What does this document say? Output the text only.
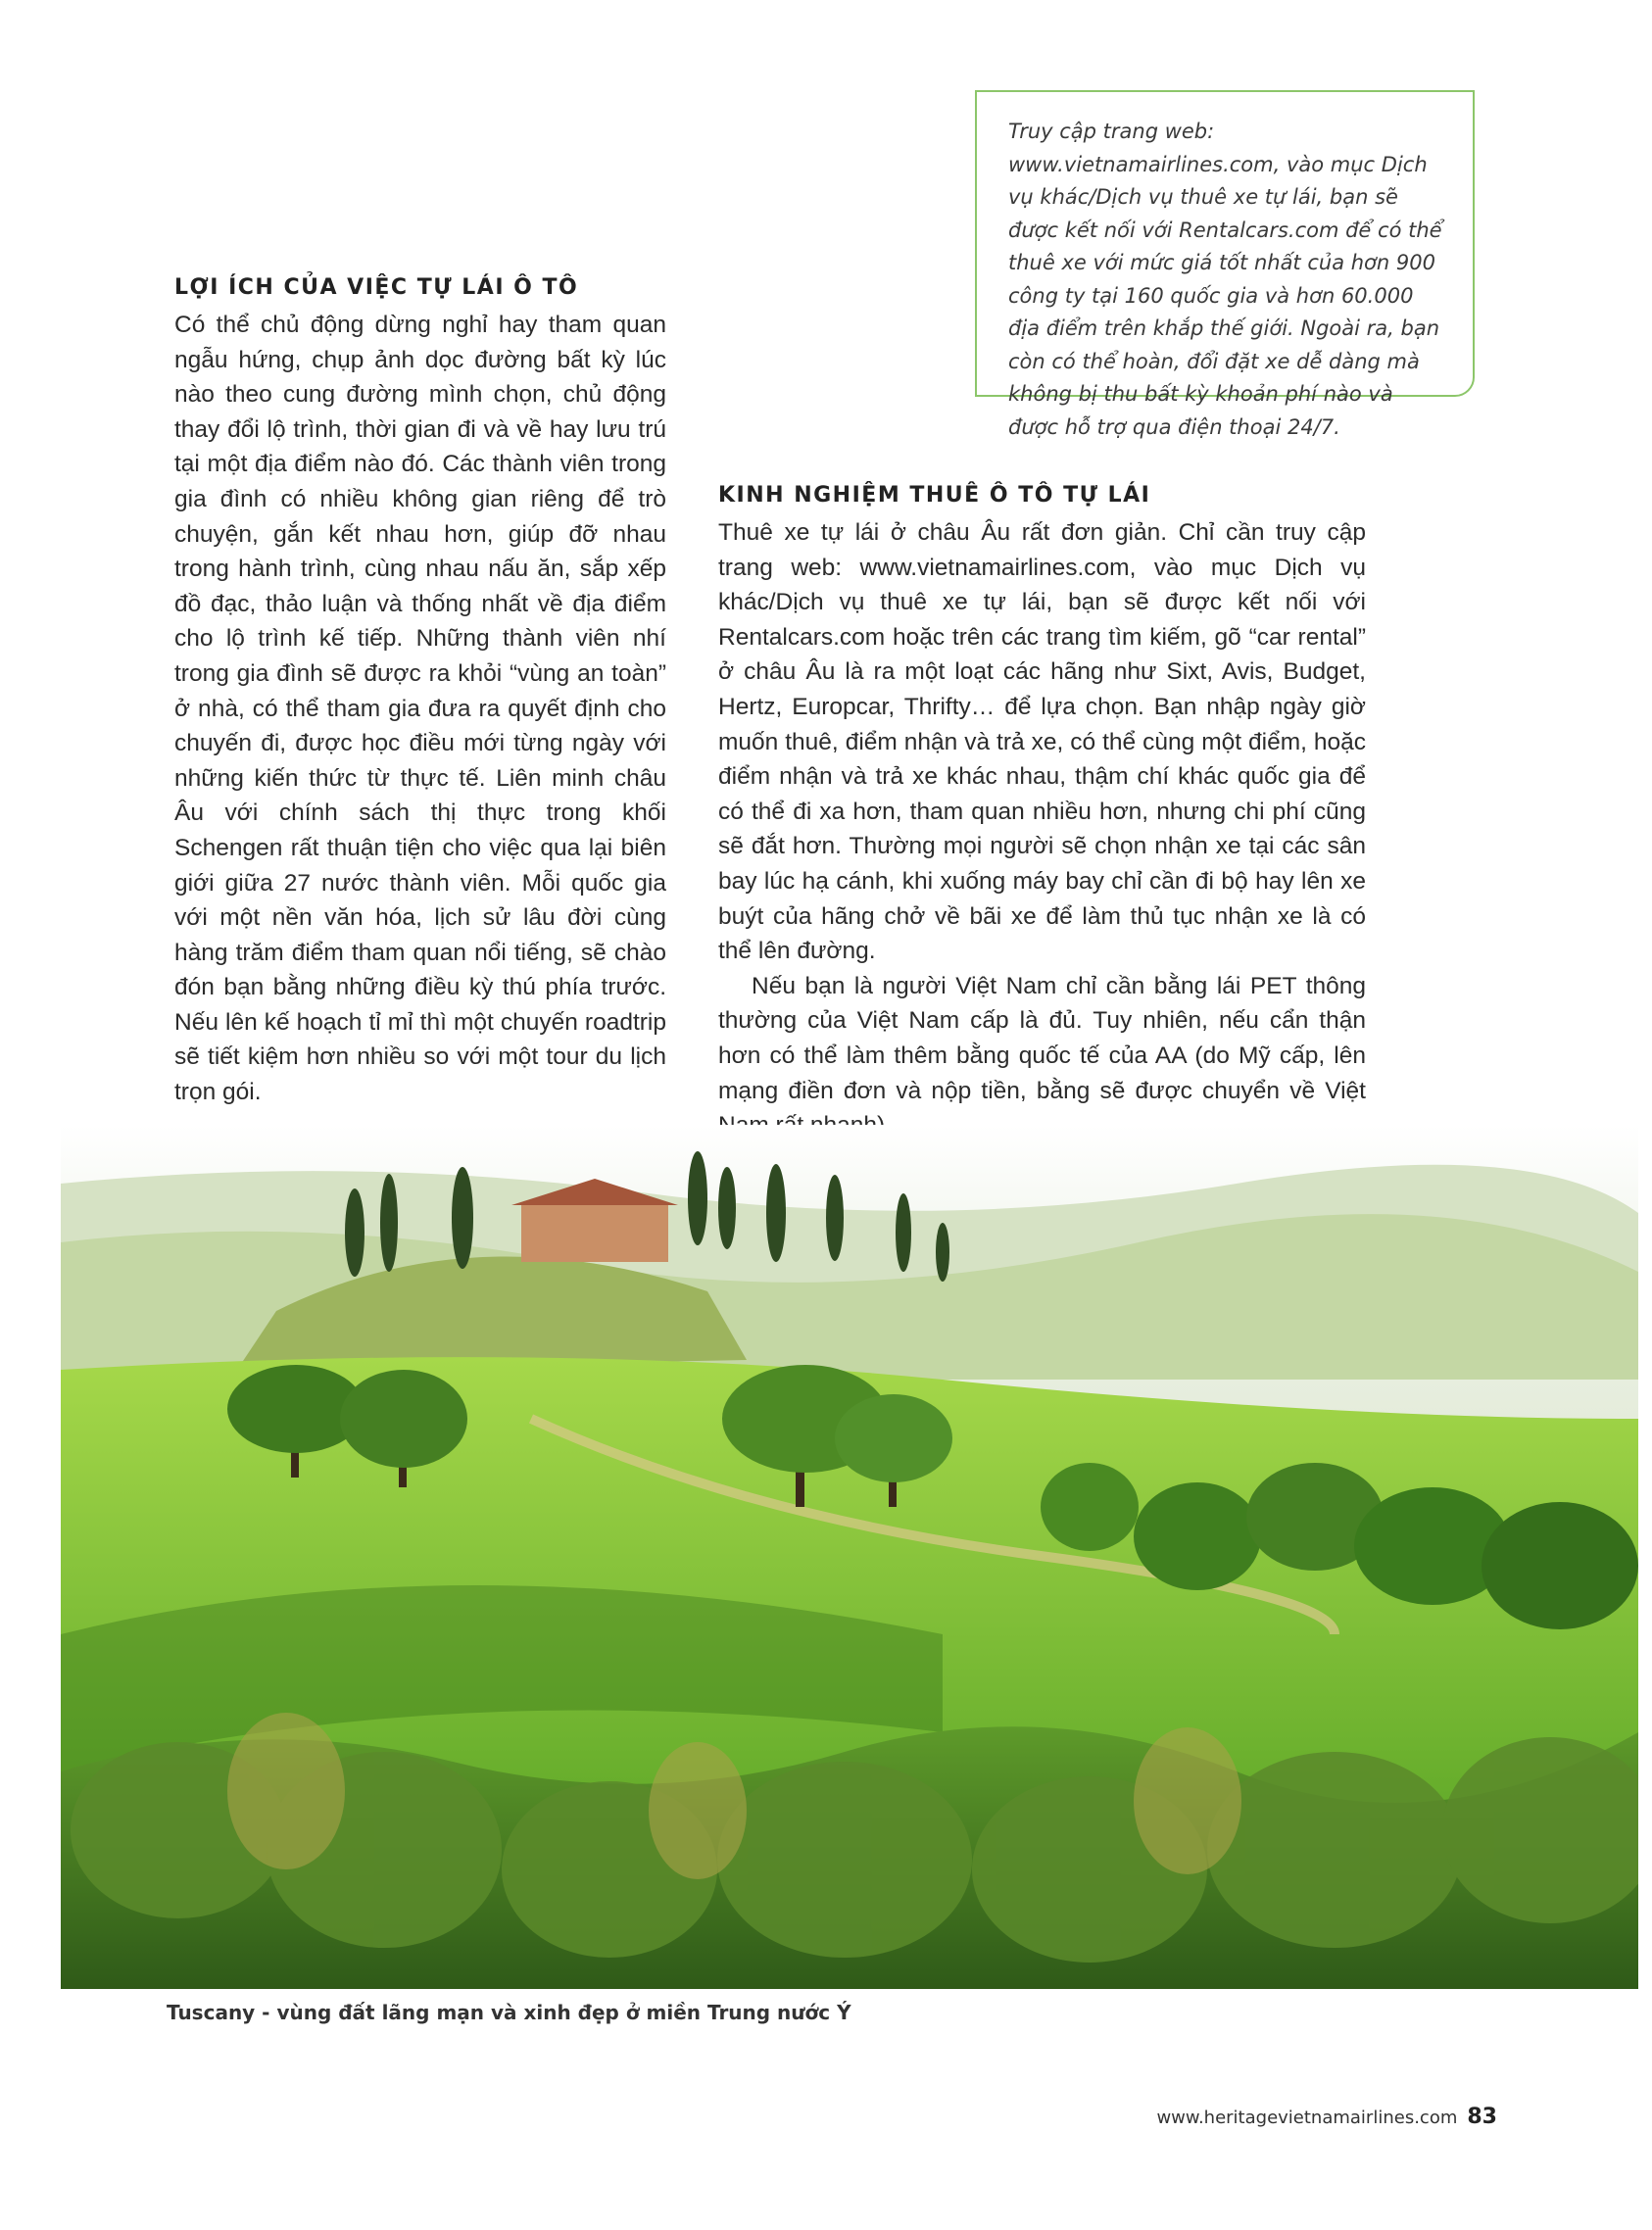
Truy cập trang web: www.vietnamairlines.com, vào mục Dịch vụ khác/Dịch vụ thuê xe tự lái, bạn sẽ được kết nối với Rentalcars.com để có thể thuê xe với mức giá tốt nhất của hơn 900 công ty tại 160 quốc gia và hơn 60.000 địa điểm trên khắp thế giới. Ngoài ra, bạn còn có thể hoàn, đổi đặt xe dễ dàng mà không bị thu bất kỳ khoản phí nào và được hỗ trợ qua điện thoại 24/7.
LỢI ÍCH CỦA VIỆC TỰ LÁI Ô TÔ

Có thể chủ động dừng nghỉ hay tham quan ngẫu hứng, chụp ảnh dọc đường bất kỳ lúc nào theo cung đường mình chọn, chủ động thay đổi lộ trình, thời gian đi và về hay lưu trú tại một địa điểm nào đó. Các thành viên trong gia đình có nhiều không gian riêng để trò chuyện, gắn kết nhau hơn, giúp đỡ nhau trong hành trình, cùng nhau nấu ăn, sắp xếp đồ đạc, thảo luận và thống nhất về địa điểm cho lộ trình kế tiếp. Những thành viên nhí trong gia đình sẽ được ra khỏi “vùng an toàn” ở nhà, có thể tham gia đưa ra quyết định cho chuyến đi, được học điều mới từng ngày với những kiến thức từ thực tế. Liên minh châu Âu với chính sách thị thực trong khối Schengen rất thuận tiện cho việc qua lại biên giới giữa 27 nước thành viên. Mỗi quốc gia với một nền văn hóa, lịch sử lâu đời cùng hàng trăm điểm tham quan nổi tiếng, sẽ chào đón bạn bằng những điều kỳ thú phía trước. Nếu lên kế hoạch tỉ mỉ thì một chuyến roadtrip sẽ tiết kiệm hơn nhiều so với một tour du lịch trọn gói.

KINH NGHIỆM THUÊ Ô TÔ TỰ LÁI

Thuê xe tự lái ở châu Âu rất đơn giản. Chỉ cần truy cập trang web: www.vietnamairlines.com, vào mục Dịch vụ khác/Dịch vụ thuê xe tự lái, bạn sẽ được kết nối với Rentalcars.com hoặc trên các trang tìm kiếm, gõ “car rental” ở châu Âu là ra một loạt các hãng như Sixt, Avis, Budget, Hertz, Europcar, Thrifty… để lựa chọn. Bạn nhập ngày giờ muốn thuê, điểm nhận và trả xe, có thể cùng một điểm, hoặc điểm nhận và trả xe khác nhau, thậm chí khác quốc gia để có thể đi xa hơn, tham quan nhiều hơn, nhưng chi phí cũng sẽ đắt hơn. Thường mọi người sẽ chọn nhận xe tại các sân bay lúc hạ cánh, khi xuống máy bay chỉ cần đi bộ hay lên xe buýt của hãng chở về bãi xe để làm thủ tục nhận xe là có thể lên đường.

Nếu bạn là người Việt Nam chỉ cần bằng lái PET thông thường của Việt Nam cấp là đủ. Tuy nhiên, nếu cẩn thận hơn có thể làm thêm bằng quốc tế của AA (do Mỹ cấp, lên mạng điền đơn và nộp tiền, bằng sẽ được chuyển về Việt

Tuscany - vùng đất lãng mạn và xinh đẹp ở miền Trung nước Ý
www.heritagevietnamairlines.com 83
